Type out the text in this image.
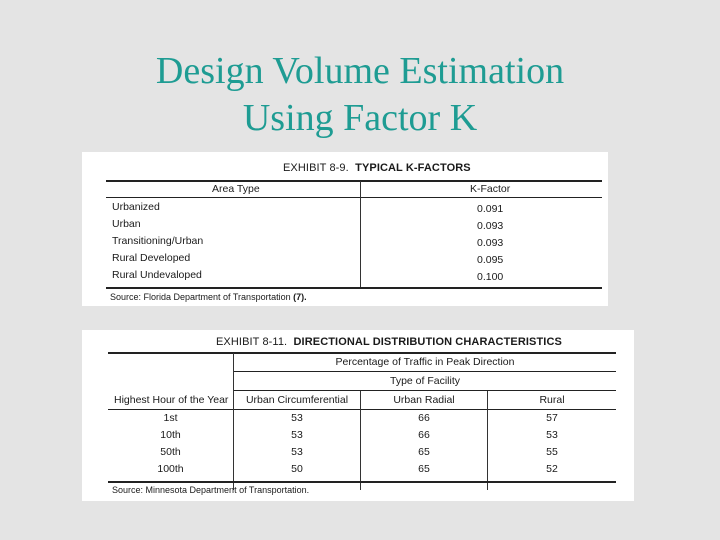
Design Volume Estimation
Using Factor K
EXHIBIT 8-9. TYPICAL K-FACTORS
Area Type	K-Factor
Urbanized	0.091
Urban	0.093
Transitioning/Urban	0.093
Rural Developed	0.095
Rural Undevaloped	0.100
Source: Florida Department of Transportation (7).
EXHIBIT 8-11. DIRECTIONAL DISTRIBUTION CHARACTERISTICS
Percentage of Traffic in Peak Direction
Type of Facility
Highest Hour of the Year	Urban Circumferential	Urban Radial	Rural
1st	53	66	57
10th	53	66	53
50th	53	65	55
100th	50	65	52
Source: Minnesota Department of Transportation.
